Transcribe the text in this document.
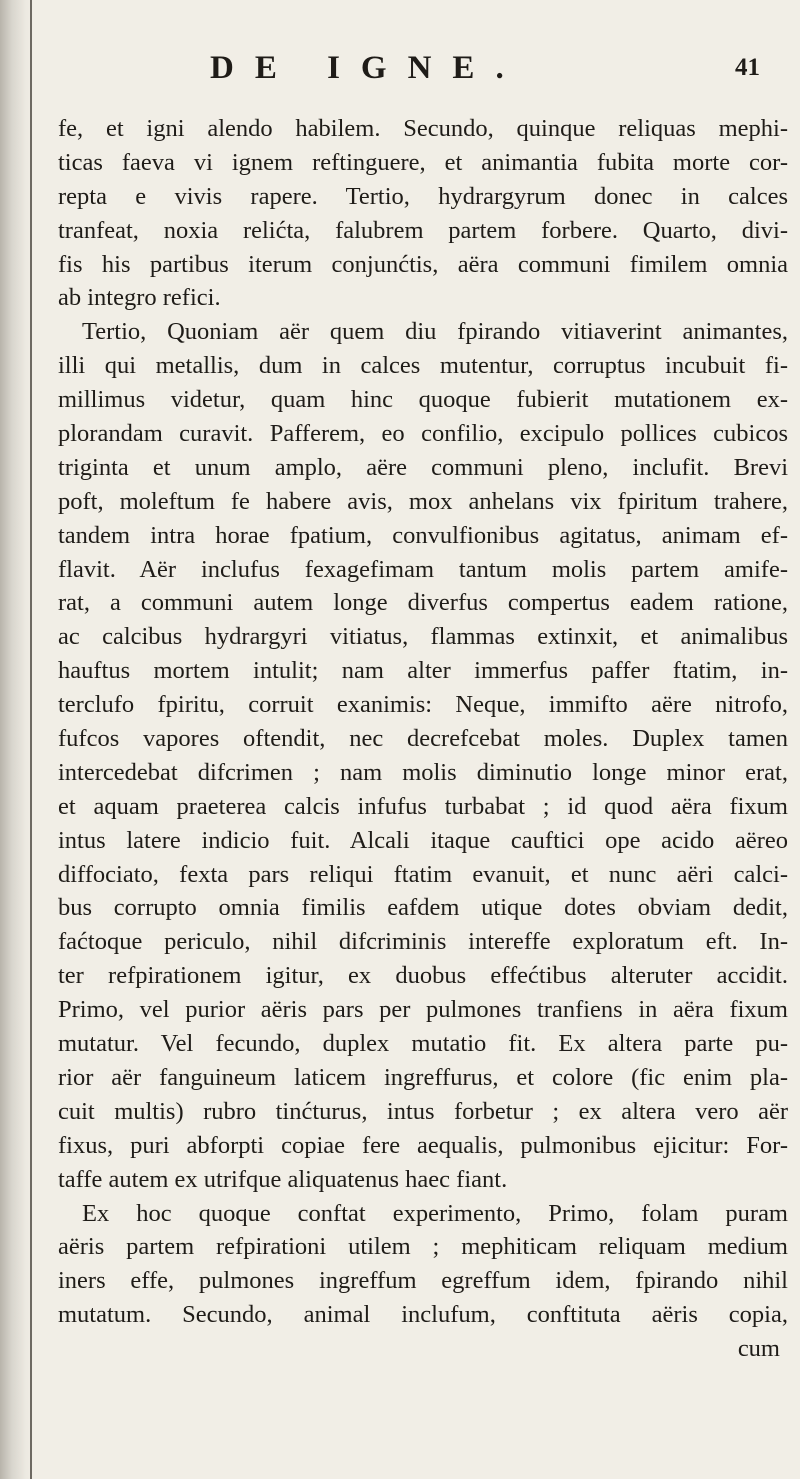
DE IGNE.	41
fe, et igni alendo habilem. Secundo, quinque reliquas mephi-
ticas faeva vi ignem reftinguere, et animantia fubita morte cor-
repta e vivis rapere. Tertio, hydrargyrum donec in calces
tranfeat, noxia relićta, falubrem partem forbere. Quarto, divi-
fis his partibus iterum conjunćtis, aëra communi fimilem omnia
ab integro refici.
Tertio, Quoniam aër quem diu fpirando vitiaverint animantes,
illi qui metallis, dum in calces mutentur, corruptus incubuit fi-
millimus videtur, quam hinc quoque fubierit mutationem ex-
plorandam curavit. Pafferem, eo confilio, excipulo pollices cubicos
triginta et unum amplo, aëre communi pleno, inclufit. Brevi
poft, moleftum fe habere avis, mox anhelans vix fpiritum trahere,
tandem intra horae fpatium, convulfionibus agitatus, animam ef-
flavit. Aër inclufus fexagefimam tantum molis partem amife-
rat, a communi autem longe diverfus compertus eadem ratione,
ac calcibus hydrargyri vitiatus, flammas extinxit, et animalibus
hauftus mortem intulit; nam alter immerfus paffer ftatim, in-
terclufo fpiritu, corruit exanimis: Neque, immifto aëre nitrofo,
fufcos vapores oftendit, nec decrefcebat moles. Duplex tamen
intercedebat difcrimen ; nam molis diminutio longe minor erat,
et aquam praeterea calcis infufus turbabat ; id quod aëra fixum
intus latere indicio fuit. Alcali itaque cauftici ope acido aëreo
diffociato, fexta pars reliqui ftatim evanuit, et nunc aëri calci-
bus corrupto omnia fimilis eafdem utique dotes obviam dedit,
faćtoque periculo, nihil difcriminis intereffe exploratum eft. In-
ter refpirationem igitur, ex duobus effećtibus alteruter accidit.
Primo, vel purior aëris pars per pulmones tranfiens in aëra fixum
mutatur. Vel fecundo, duplex mutatio fit. Ex altera parte pu-
rior aër fanguineum laticem ingreffurus, et colore (fic enim pla-
cuit multis) rubro tinćturus, intus forbetur ; ex altera vero aër
fixus, puri abforpti copiae fere aequalis, pulmonibus ejicitur: For-
taffe autem ex utrifque aliquatenus haec fiant.
Ex hoc quoque conftat experimento, Primo, folam puram
aëris partem refpirationi utilem ; mephiticam reliquam medium
iners effe, pulmones ingreffum egreffum idem, fpirando nihil
mutatum. Secundo, animal inclufum, conftituta aëris copia,
cum
